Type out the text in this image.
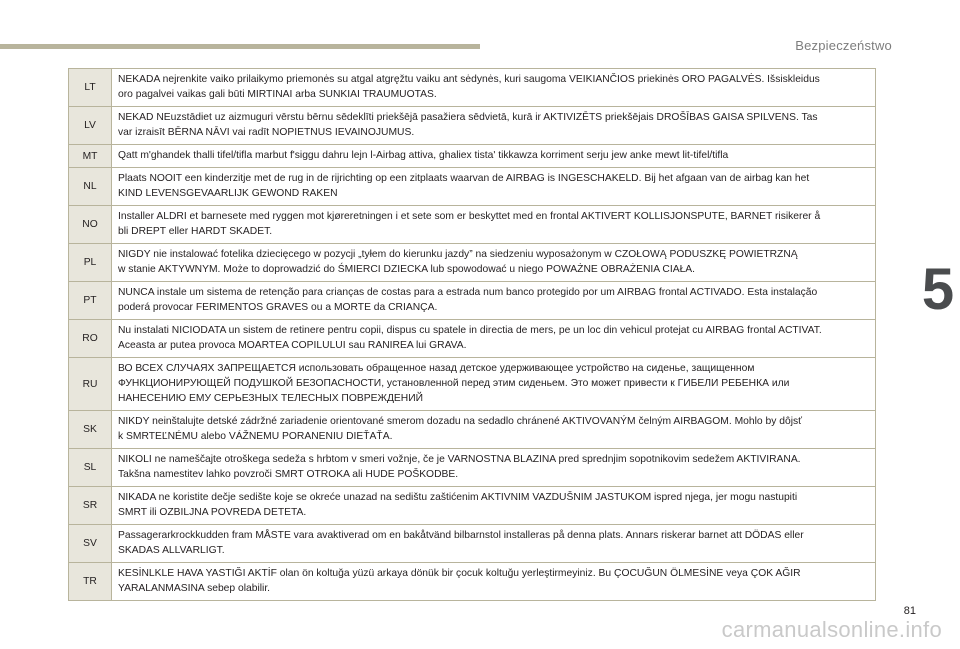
Bezpieczeństwo
5
LT	NEKADA nejrenkite vaiko prilaikymo priemonės su atgal atgręžtu vaiku ant sėdynės, kuri saugoma VEIKIANČIOS priekinės ORO PAGALVĖS. Išsiskleidus
oro pagalvei vaikas gali būti MIRTINAI arba SUNKIAI TRAUMUOTAS.

LV	NEKAD NEuzstādiet uz aizmuguri vērstu bērnu sēdeklīti priekšējā pasažiera sēdvietā, kurā ir AKTIVIZĒTS priekšējais DROŠĪBAS GAISA SPILVENS. Tas
var izraisīt BĒRNA NĀVI vai radīt NOPIETNUS IEVAINOJUMUS.

MT	Qatt m'ghandek thalli tifel/tifla marbut f'siggu dahru lejn l-Airbag attiva, ghaliex tista' tikkawza korriment serju jew anke mewt lit-tifel/tifla

NL	Plaats NOOIT een kinderzitje met de rug in de rijrichting op een zitplaats waarvan de AIRBAG is INGESCHAKELD. Bij het afgaan van de airbag kan het
KIND LEVENSGEVAARLIJK GEWOND RAKEN

NO	Installer ALDRI et barnesete med ryggen mot kjøreretningen i et sete som er beskyttet med en frontal AKTIVERT KOLLISJONSPUTE, BARNET risikerer å
bli DREPT eller HARDT SKADET.

PL	NIGDY nie instalować fotelika dziecięcego w pozycji „tyłem do kierunku jazdy” na siedzeniu wyposażonym w CZOŁOWĄ PODUSZKĘ POWIETRZNĄ
w stanie AKTYWNYM. Może to doprowadzić do ŚMIERCI DZIECKA lub spowodować u niego POWAŻNE OBRAŻENIA CIAŁA.

PT	NUNCA instale um sistema de retenção para crianças de costas para a estrada num banco protegido por um AIRBAG frontal ACTIVADO. Esta instalação
poderá provocar FERIMENTOS GRAVES ou a MORTE da CRIANÇA.

RO	Nu instalati NICIODATA un sistem de retinere pentru copii, dispus cu spatele in directia de mers, pe un loc din vehicul protejat cu AIRBAG frontal ACTIVAT.
Aceasta ar putea provoca MOARTEA COPILULUI sau RANIREA lui GRAVA.

RU	ВО ВСЕХ СЛУЧАЯХ ЗАПРЕЩАЕТСЯ использовать обращенное назад детское удерживающее устройство на сиденье, защищенном
ФУНКЦИОНИРУЮЩЕЙ ПОДУШКОЙ БЕЗОПАСНОСТИ, установленной перед этим сиденьем. Это может привести к ГИБЕЛИ РЕБЕНКА или
НАНЕСЕНИЮ ЕМУ СЕРЬЕЗНЫХ ТЕЛЕСНЫХ ПОВРЕЖДЕНИЙ

SK	NIKDY neinštalujte detské zádržné zariadenie orientované smerom dozadu na sedadlo chránené AKTIVOVANÝM čelným AIRBAGOM. Mohlo by dôjsť
k SMRTEĽNÉMU alebo VÁŽNEMU PORANENIU DIEŤAŤA.

SL	NIKOLI ne nameščajte otroškega sedeža s hrbtom v smeri vožnje, če je VARNOSTNA BLAZINA pred sprednjim sopotnikovim sedežem AKTIVIRANA.
Takšna namestitev lahko povzroči SMRT OTROKA ali HUDE POŠKODBE.

SR	NIKADA ne koristite dečje sedište koje se okreće unazad na sedištu zaštićenim AKTIVNIM VAZDUŠNIM JASTUKOM ispred njega, jer mogu nastupiti
SMRT ili OZBILJNA POVREDA DETETA.

SV	Passagerarkrockkudden fram MÅSTE vara avaktiverad om en bakåtvänd bilbarnstol installeras på denna plats. Annars riskerar barnet att DÖDAS eller
SKADAS ALLVARLIGT.

TR	KESİNLKLE HAVA YASTIĞI AKTİF olan ön koltuğa yüzü arkaya dönük bir çocuk koltuğu yerleştirmeyiniz. Bu ÇOCUĞUN ÖLMESİNE veya ÇOK AĞIR
YARALANMASINA sebep olabilir.
81
carmanualsonline.info
